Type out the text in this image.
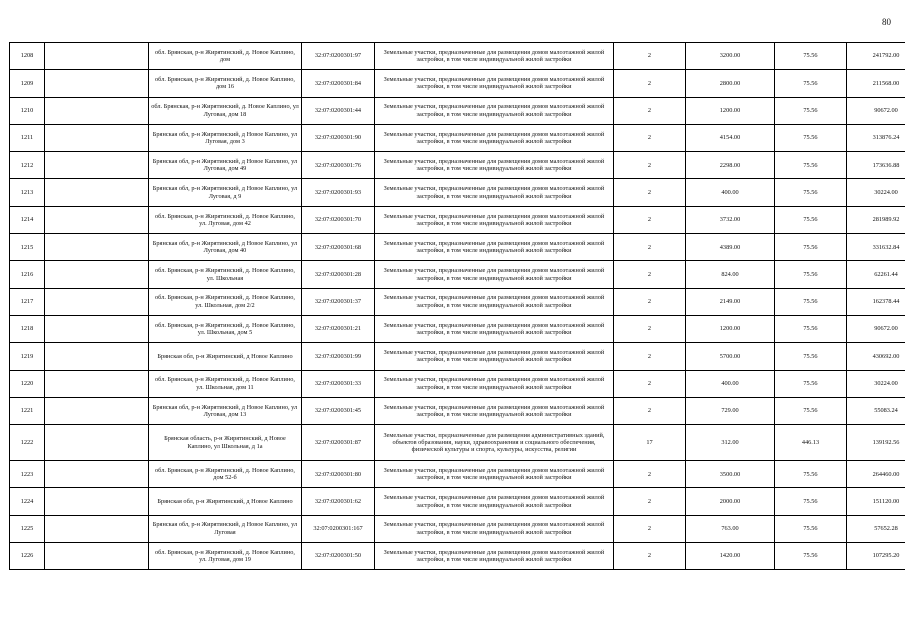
80
1208		обл. Брянская, р-н Жирятинский, д. Новое Каплино, дом	32:07:0200301:97	Земельные участки, предназначенные для размещения домов малоэтажной жилой застройки, в том числе индивидуальной жилой застройки	2	3200.00	75.56	241792.00
1209		обл. Брянская, р-н Жирятинский, д. Новое Каплино, дом 16	32:07:0200301:84	Земельные участки, предназначенные для размещения домов малоэтажной жилой застройки, в том числе индивидуальной жилой застройки	2	2800.00	75.56	211568.00
1210		обл. Брянская, р-н Жирятинский, д. Новое Каплино, ул Луговая, дом 18	32:07:0200301:44	Земельные участки, предназначенные для размещения домов малоэтажной жилой застройки, в том числе индивидуальной жилой застройки	2	1200.00	75.56	90672.00
1211		Брянская обл, р-н Жирятинский, д Новое Каплино, ул Луговая, дом 3	32:07:0200301:90	Земельные участки, предназначенные для размещения домов малоэтажной жилой застройки, в том числе индивидуальной жилой застройки	2	4154.00	75.56	313876.24
1212		Брянская обл, р-н Жирятинский, д Новое Каплино, ул Луговая, дом 49	32:07:0200301:76	Земельные участки, предназначенные для размещения домов малоэтажной жилой застройки, в том числе индивидуальной жилой застройки	2	2298.00	75.56	173636.88
1213		Брянская обл, р-н Жирятинский, д Новое Каплино, ул Луговая, д 9	32:07:0200301:93	Земельные участки, предназначенные для размещения домов малоэтажной жилой застройки, в том числе индивидуальной жилой застройки	2	400.00	75.56	30224.00
1214		обл. Брянская, р-н Жирятинский, д. Новое Каплино, ул. Луговая, дом 42	32:07:0200301:70	Земельные участки, предназначенные для размещения домов малоэтажной жилой застройки, в том числе индивидуальной жилой застройки	2	3732.00	75.56	281989.92
1215		Брянская обл, р-н Жирятинский, д Новое Каплино, ул Луговая, дом 40	32:07:0200301:68	Земельные участки, предназначенные для размещения домов малоэтажной жилой застройки, в том числе индивидуальной жилой застройки	2	4389.00	75.56	331632.84
1216		обл. Брянская, р-н Жирятинский, д. Новое Каплино, ул. Школьная	32:07:0200301:28	Земельные участки, предназначенные для размещения домов малоэтажной жилой застройки, в том числе индивидуальной жилой застройки	2	824.00	75.56	62261.44
1217		обл. Брянская, р-н Жирятинский, д. Новое Каплино, ул. Школьная, дом 2/2	32:07:0200301:37	Земельные участки, предназначенные для размещения домов малоэтажной жилой застройки, в том числе индивидуальной жилой застройки	2	2149.00	75.56	162378.44
1218		обл. Брянская, р-н Жирятинский, д. Новое Каплино, ул. Школьная, дом 5	32:07:0200301:21	Земельные участки, предназначенные для размещения домов малоэтажной жилой застройки, в том числе индивидуальной жилой застройки	2	1200.00	75.56	90672.00
1219		Брянская обл, р-н Жирятинский, д Новое Каплино	32:07:0200301:99	Земельные участки, предназначенные для размещения домов малоэтажной жилой застройки, в том числе индивидуальной жилой застройки	2	5700.00	75.56	430692.00
1220		обл. Брянская, р-н Жирятинский, д. Новое Каплино, ул. Школьная, дом 11	32:07:0200301:33	Земельные участки, предназначенные для размещения домов малоэтажной жилой застройки, в том числе индивидуальной жилой застройки	2	400.00	75.56	30224.00
1221		Брянская обл, р-н Жирятинский, д Новое Каплино, ул Луговая, дом 13	32:07:0200301:45	Земельные участки, предназначенные для размещения домов малоэтажной жилой застройки, в том числе индивидуальной жилой застройки	2	729.00	75.56	55083.24
1222		Брянская область, р-н Жирятинский, д Новое Каплино, ул Школьная, д 1а	32:07:0200301:87	Земельные участки, предназначенные для размещения административных зданий, объектов образования, науки, здравоохранения и социального обеспечения, физической культуры и спорта, культуры, искусства, религии	17	312.00	446.13	139192.56
1223		обл. Брянская, р-н Жирятинский, д. Новое Каплино, дом 52-б	32:07:0200301:80	Земельные участки, предназначенные для размещения домов малоэтажной жилой застройки, в том числе индивидуальной жилой застройки	2	3500.00	75.56	264460.00
1224		Брянская обл, р-н Жирятинский, д Новое Каплино	32:07:0200301:62	Земельные участки, предназначенные для размещения домов малоэтажной жилой застройки, в том числе индивидуальной жилой застройки	2	2000.00	75.56	151120.00
1225		Брянская обл, р-н Жирятинский, д Новое Каплино, ул Луговая	32:07:0200301:167	Земельные участки, предназначенные для размещения домов малоэтажной жилой застройки, в том числе индивидуальной жилой застройки	2	763.00	75.56	57652.28
1226		обл. Брянская, р-н Жирятинский, д. Новое Каплино, ул. Луговая, дом 19	32:07:0200301:50	Земельные участки, предназначенные для размещения домов малоэтажной жилой застройки, в том числе индивидуальной жилой застройки	2	1420.00	75.56	107295.20
